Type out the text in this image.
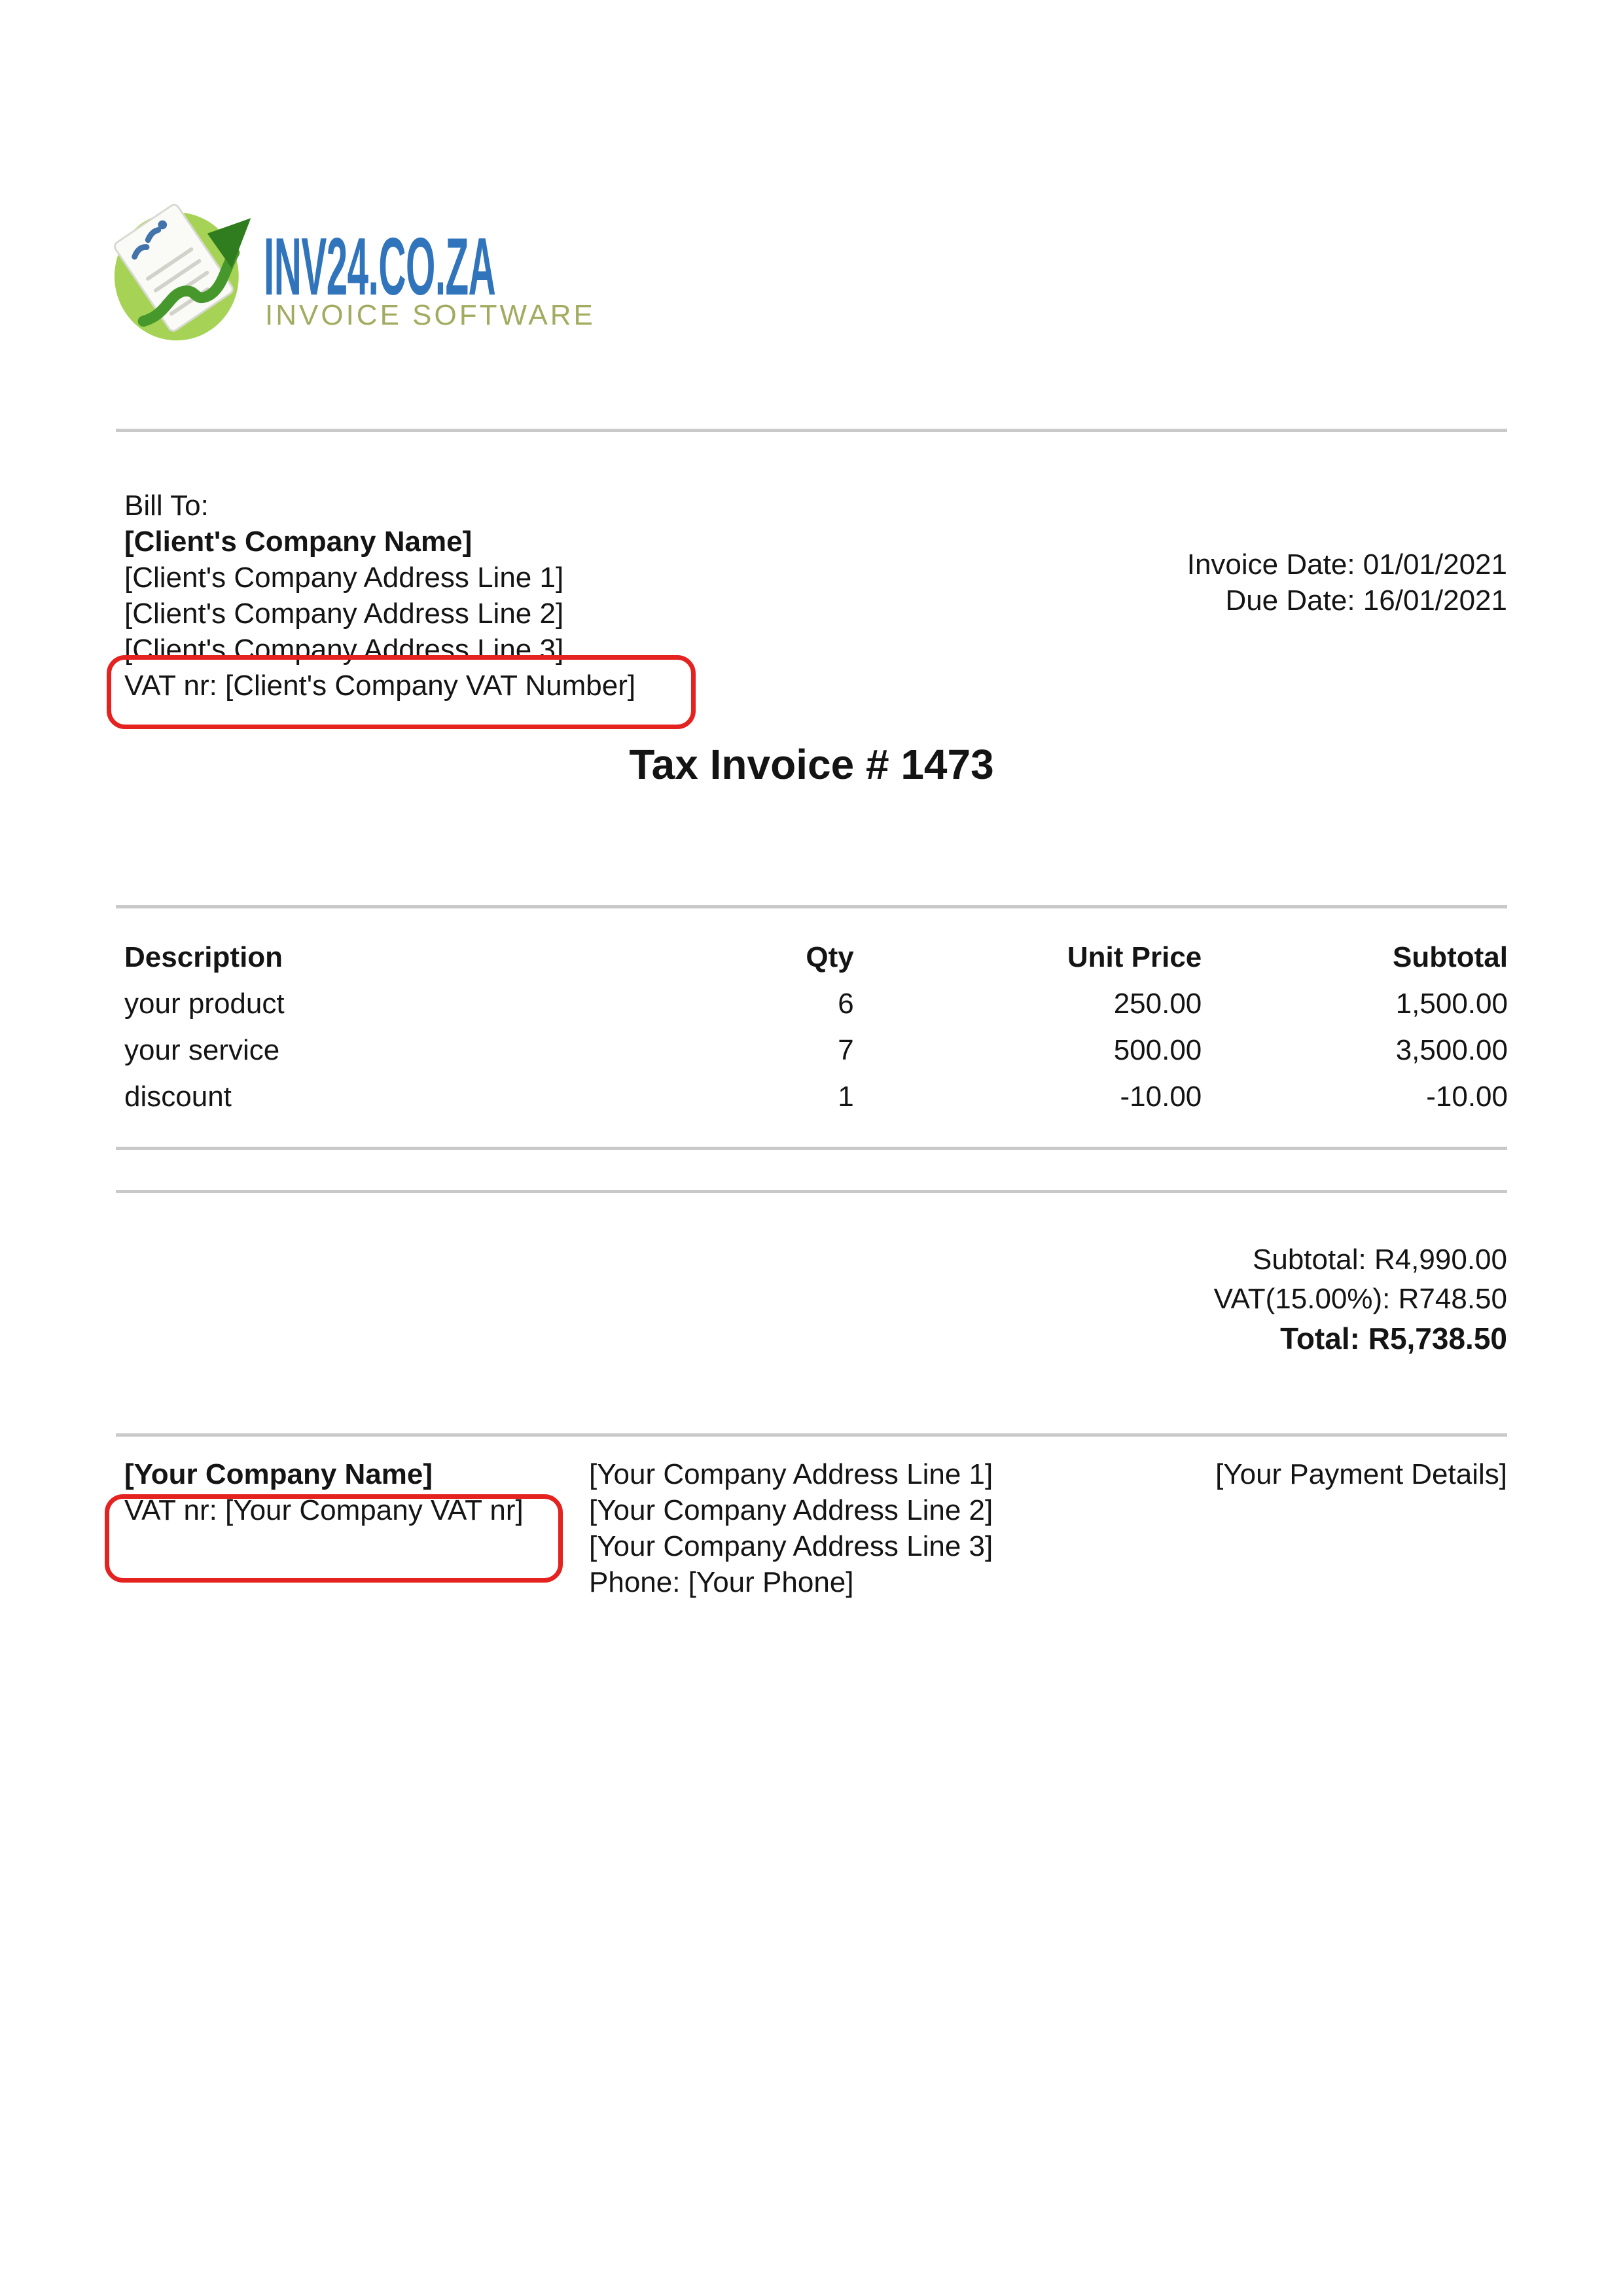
INV24.CO.ZA
INVOICE SOFTWARE
Bill To:
[Client's Company Name]
[Client's Company Address Line 1]
[Client's Company Address Line 2]
[Client's Company Address Line 3]
VAT nr: [Client's Company VAT Number]
Invoice Date: 01/01/2021
Due Date: 16/01/2021
Tax Invoice # 1473
Description	Qty	Unit Price	Subtotal
your product	6	250.00	1,500.00
your service	7	500.00	3,500.00
discount	1	-10.00	-10.00
Subtotal: R4,990.00
VAT(15.00%): R748.50
Total: R5,738.50
[Your Company Name]
VAT nr: [Your Company VAT nr]
[Your Company Address Line 1]
[Your Company Address Line 2]
[Your Company Address Line 3]
Phone: [Your Phone]
[Your Payment Details]
